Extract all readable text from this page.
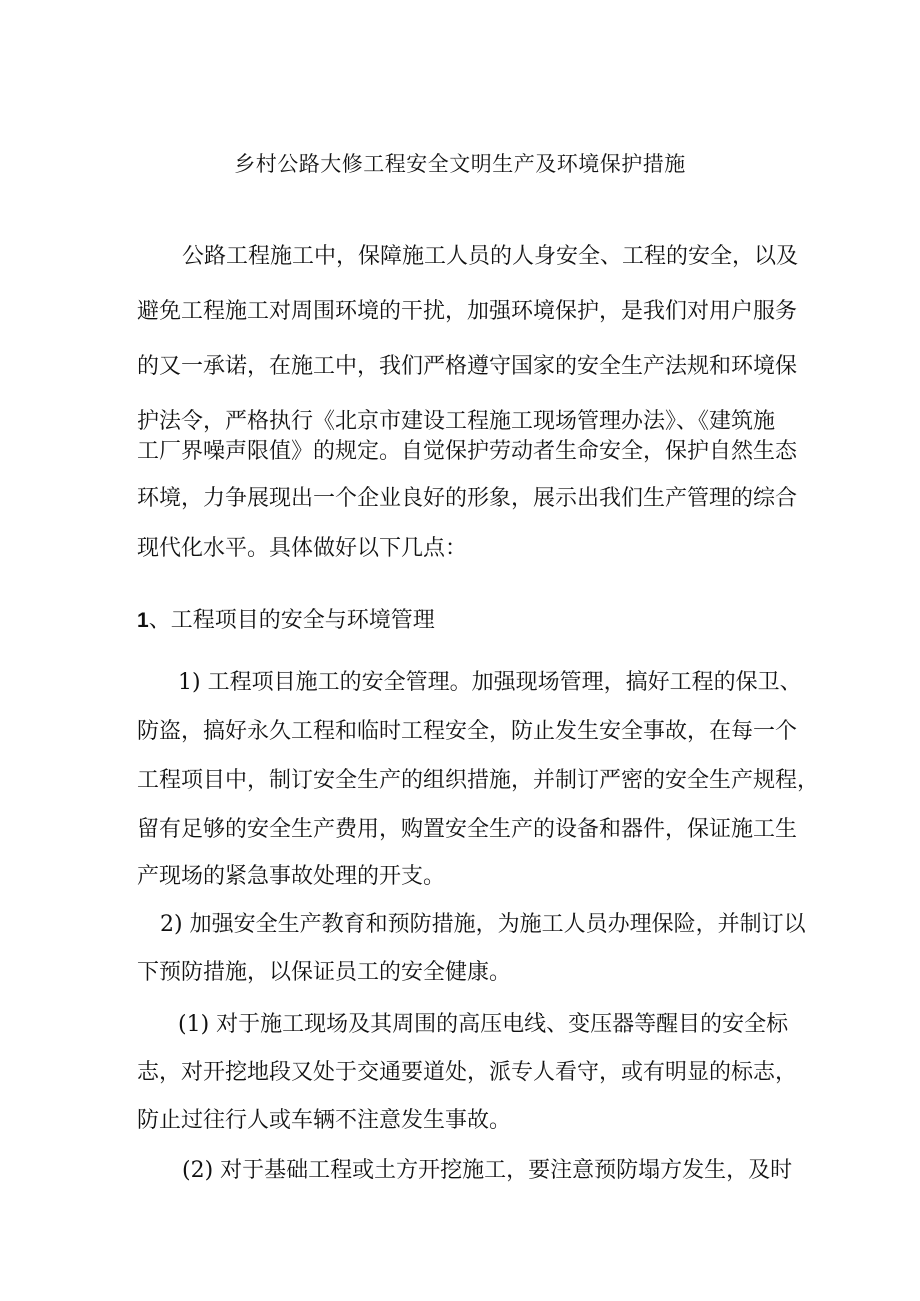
乡村公路大修工程安全文明生产及环境保护措施
公路工程施工中，保障施工人员的人身安全、工程的安全，以及
避免工程施工对周围环境的干扰，加强环境保护，是我们对用户服务
的又一承诺，在施工中，我们严格遵守国家的安全生产法规和环境保
护法令，严格执行《北京市建设工程施工现场管理办法》、《建筑施
工厂界噪声限值》的规定。自觉保护劳动者生命安全，保护自然生态
环境，力争展现出一个企业良好的形象，展示出我们生产管理的综合
现代化水平。具体做好以下几点：
1、工程项目的安全与环境管理
1) 工程项目施工的安全管理。加强现场管理，搞好工程的保卫、
防盗，搞好永久工程和临时工程安全，防止发生安全事故，在每一个
工程项目中，制订安全生产的组织措施，并制订严密的安全生产规程，
留有足够的安全生产费用，购置安全生产的设备和器件，保证施工生
产现场的紧急事故处理的开支。
2) 加强安全生产教育和预防措施，为施工人员办理保险，并制订以
下预防措施，以保证员工的安全健康。
(1) 对于施工现场及其周围的高压电线、变压器等醒目的安全标
志，对开挖地段又处于交通要道处，派专人看守，或有明显的标志，
防止过往行人或车辆不注意发生事故。
(2) 对于基础工程或土方开挖施工，要注意预防塌方发生，及时
